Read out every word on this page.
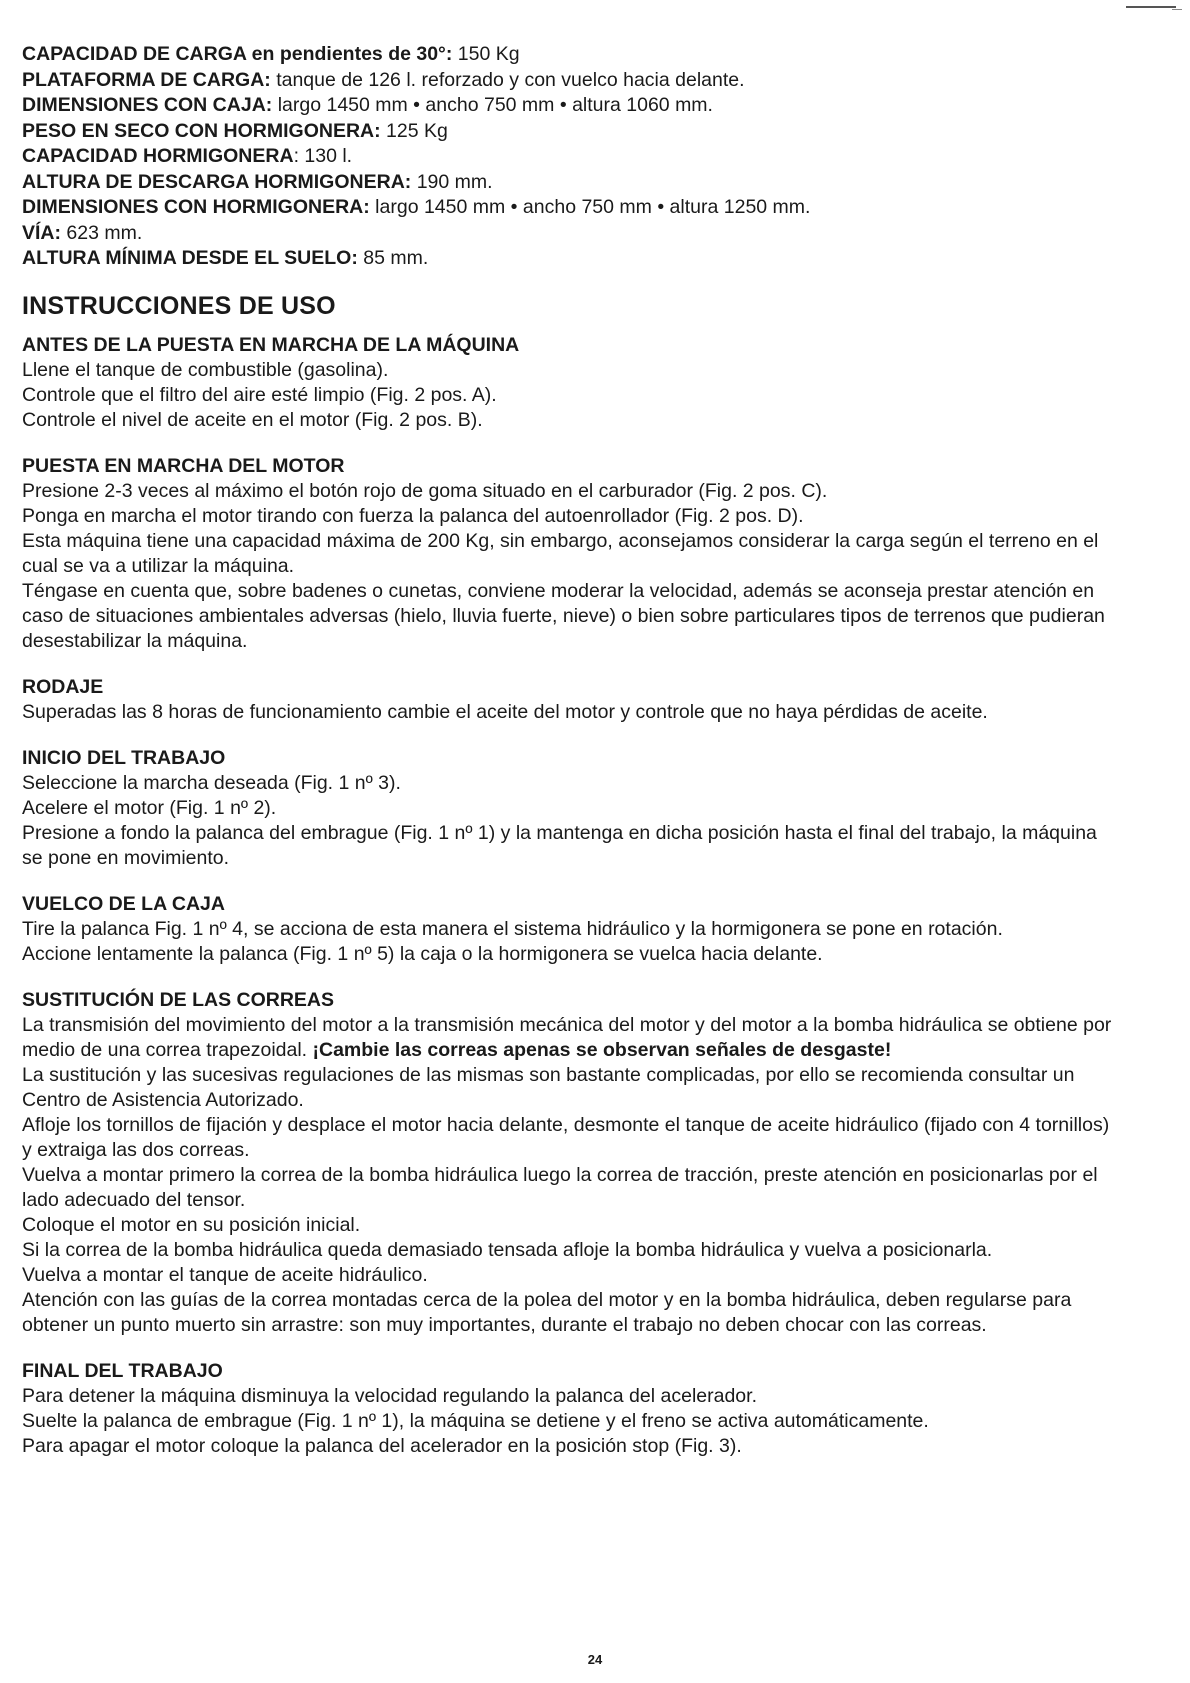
CAPACIDAD DE CARGA en pendientes de 30°: 150 Kg
PLATAFORMA DE CARGA: tanque de 126 l. reforzado y con vuelco hacia delante.
DIMENSIONES CON CAJA: largo 1450 mm • ancho 750 mm • altura 1060 mm.
PESO EN SECO CON HORMIGONERA: 125 Kg
CAPACIDAD HORMIGONERA: 130 l.
ALTURA DE DESCARGA HORMIGONERA: 190 mm.
DIMENSIONES CON HORMIGONERA: largo 1450 mm • ancho 750 mm • altura 1250 mm.
VÍA: 623 mm.
ALTURA MÍNIMA DESDE EL SUELO: 85 mm.
INSTRUCCIONES DE USO
ANTES DE LA PUESTA EN MARCHA DE LA MÁQUINA
Llene el tanque de combustible (gasolina).
Controle que el filtro del aire esté limpio (Fig. 2 pos. A).
Controle el nivel de aceite en el motor (Fig. 2 pos. B).
PUESTA EN MARCHA DEL MOTOR
Presione 2-3 veces al máximo el botón rojo de goma situado en el carburador (Fig. 2 pos. C).
Ponga en marcha el motor tirando con fuerza la palanca del autoenrollador (Fig. 2 pos. D).
Esta máquina tiene una capacidad máxima de 200 Kg, sin embargo, aconsejamos considerar la carga según el terreno en el cual se va a utilizar la máquina.
Téngase en cuenta que, sobre badenes o cunetas, conviene moderar la velocidad, además se aconseja prestar atención en caso de situaciones ambientales adversas (hielo, lluvia fuerte, nieve) o bien sobre particulares tipos de terrenos que pudieran desestabilizar la máquina.
RODAJE
Superadas las 8 horas de funcionamiento cambie el aceite del motor y controle que no haya pérdidas de aceite.
INICIO DEL TRABAJO
Seleccione la marcha deseada (Fig. 1 nº 3).
Acelere el motor (Fig. 1 nº 2).
Presione a fondo la palanca del embrague (Fig. 1 nº 1) y la mantenga en dicha posición hasta el final del trabajo, la máquina se pone en movimiento.
VUELCO DE LA CAJA
Tire la palanca Fig. 1 nº 4, se acciona de esta manera el sistema hidráulico y la hormigonera se pone en rotación.
Accione lentamente la palanca (Fig. 1 nº 5) la caja o la hormigonera se vuelca hacia delante.
SUSTITUCIÓN DE LAS CORREAS
La transmisión del movimiento del motor a la transmisión mecánica del motor y del motor a la bomba hidráulica se obtiene por medio de una correa trapezoidal. ¡Cambie las correas apenas se observan señales de desgaste!
La sustitución y las sucesivas regulaciones de las mismas son bastante complicadas, por ello se recomienda consultar un Centro de Asistencia Autorizado.
Afloje los tornillos de fijación y desplace el motor hacia delante, desmonte el tanque de aceite hidráulico (fijado con 4 tornillos) y extraiga las dos correas.
Vuelva a montar primero la correa de la bomba hidráulica luego la correa de tracción, preste atención en posicionarlas por el lado adecuado del tensor.
Coloque el motor en su posición inicial.
Si la correa de la bomba hidráulica queda demasiado tensada afloje la bomba hidráulica y vuelva a posicionarla.
Vuelva a montar el tanque de aceite hidráulico.
Atención con las guías de la correa montadas cerca de la polea del motor y en la bomba hidráulica, deben regularse para obtener un punto muerto sin arrastre: son muy importantes, durante el trabajo no deben chocar con las correas.
FINAL DEL TRABAJO
Para detener la máquina disminuya la velocidad regulando la palanca del acelerador.
Suelte la palanca de embrague (Fig. 1 nº 1), la máquina se detiene y el freno se activa automáticamente.
Para apagar el motor coloque la palanca del acelerador en la posición stop (Fig. 3).
24
